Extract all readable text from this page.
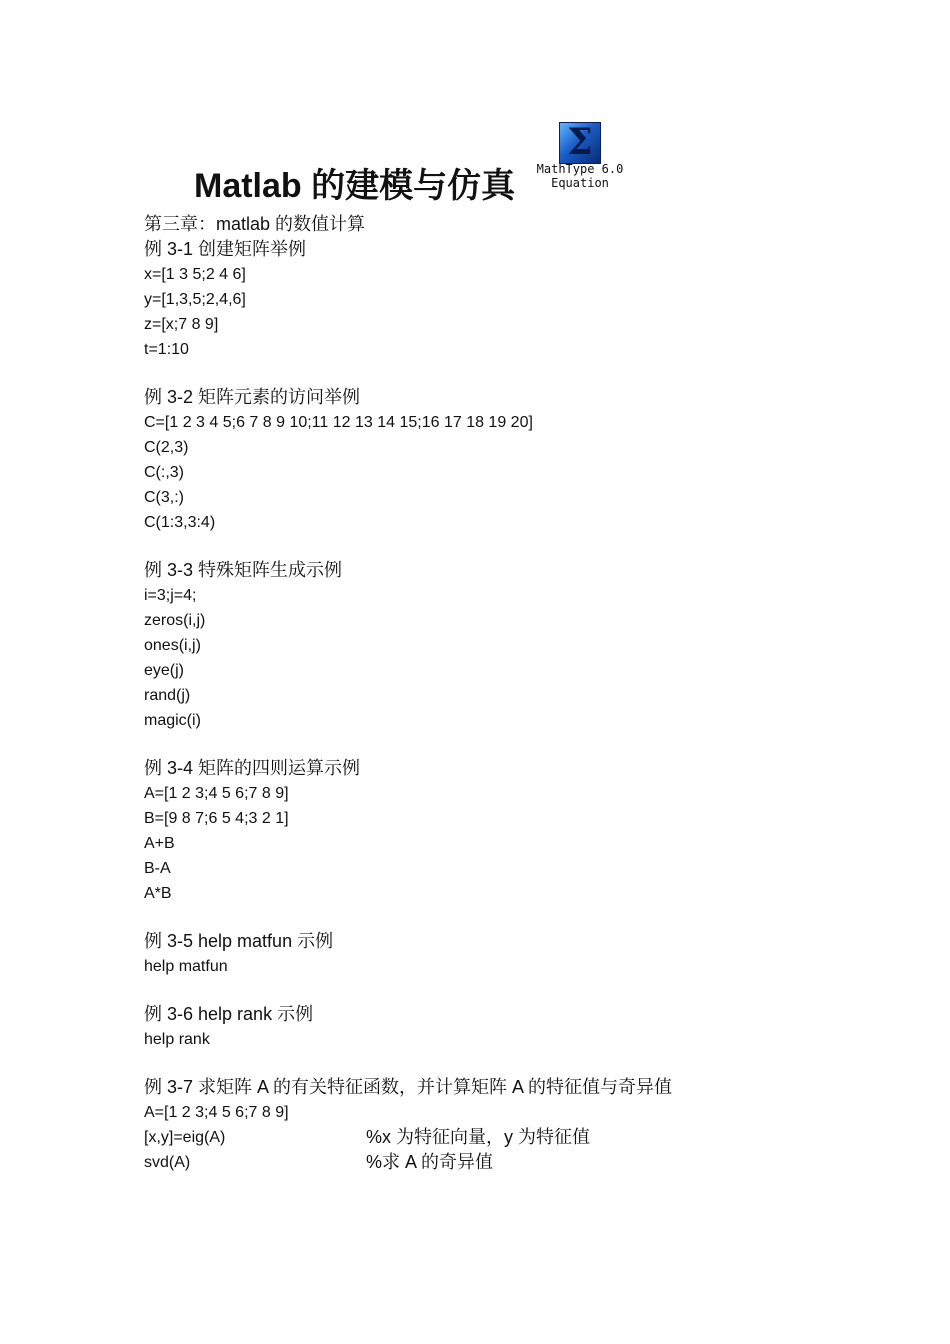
Matlab 的建模与仿真
Σ
MathType 6.0
Equation
第三章：matlab 的数值计算
例 3-1 创建矩阵举例
x=[1 3 5;2 4 6]
y=[1,3,5;2,4,6]
z=[x;7 8 9]
t=1:10
例 3-2 矩阵元素的访问举例
C=[1 2 3 4 5;6 7 8 9 10;11 12 13 14 15;16 17 18 19 20]
C(2,3)
C(:,3)
C(3,:)
C(1:3,3:4)
例 3-3 特殊矩阵生成示例
i=3;j=4;
zeros(i,j)
ones(i,j)
eye(j)
rand(j)
magic(i)
例 3-4 矩阵的四则运算示例
A=[1 2 3;4 5 6;7 8 9]
B=[9 8 7;6 5 4;3 2 1]
A+B
B-A
A*B
例 3-5 help matfun 示例
help matfun
例 3-6 help rank 示例
help rank
例 3-7 求矩阵 A 的有关特征函数，并计算矩阵 A 的特征值与奇异值
A=[1 2 3;4 5 6;7 8 9]
[x,y]=eig(A)	%x 为特征向量，y 为特征值
svd(A)	%求 A 的奇异值
